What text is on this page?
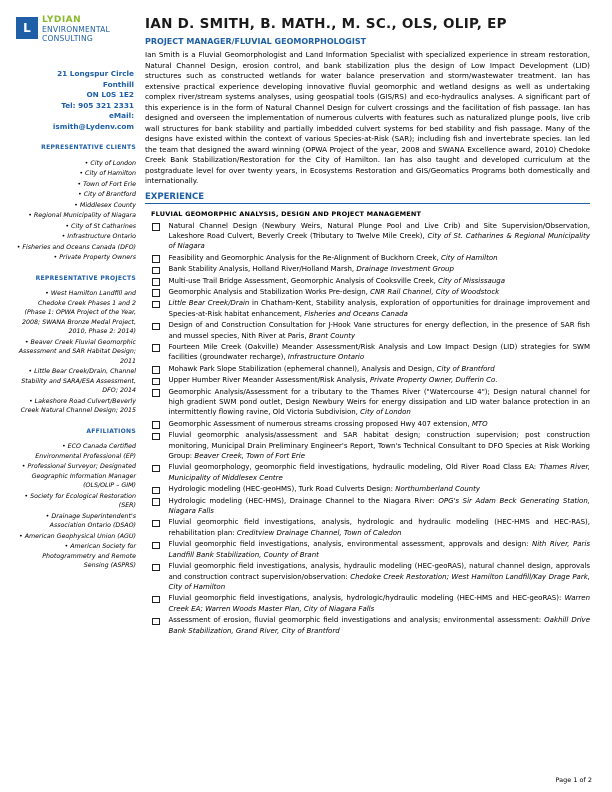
L
LYDIAN
ENVIRONMENTAL
CONSULTING
21 Longspur Circle
Fonthill
ON L0S 1E2
Tel: 905 321 2331
eMail:
ismith@Lydenv.com
REPRESENTATIVE CLIENTS
• City of London
• City of Hamilton
• Town of Fort Erie
• City of Brantford
• Middlesex County
• Regional Municipality of Niagara
• City of St Catharines
• Infrastructure Ontario
• Fisheries and Oceans Canada (DFO)
• Private Property Owners
REPRESENTATIVE PROJECTS
• West Hamilton Landfill and Chedoke Creek Phases 1 and 2 (Phase 1: OPWA Project of the Year, 2008; SWANA Bronze Medal Project, 2010, Phase 2: 2014)
• Beaver Creek Fluvial Geomorphic Assessment and SAR Habitat Design; 2011
• Little Bear Creek/Drain, Channel Stability and SARA/ESA Assessment, DFO; 2014
• Lakeshore Road Culvert/Beverly Creek Natural Channel Design; 2015
AFFILIATIONS
• ECO Canada Certified Environmental Professional (EP)
• Professional Surveyor; Designated Geographic Information Manager (OLS/OLIP – GIM)
• Society for Ecological Restoration (SER)
• Drainage Superintendent's Association Ontario (DSAO)
• American Geophysical Union (AGU)
• American Society for Photogrammetry and Remote Sensing (ASPRS)
IAN D. SMITH, B. MATH., M. SC., OLS, OLIP, EP
PROJECT MANAGER/FLUVIAL GEOMORPHOLOGIST
Ian Smith is a Fluvial Geomorphologist and Land Information Specialist with specialized experience in stream restoration, Natural Channel Design, erosion control, and bank stabilization plus the design of Low Impact Development (LID) structures such as constructed wetlands for water balance preservation and storm/wastewater treatment. Ian has extensive practical experience developing innovative fluvial geomorphic and wetland designs as well as undertaking complex river/stream systems analyses, using geospatial tools (GIS/RS) and eco-hydraulics analyses. A significant part of this experience is in the form of Natural Channel Design for culvert crossings and the facilitation of fish passage. Ian has designed and overseen the implementation of numerous culverts with features such as naturalized plunge pools, live crib wall structures for bank stability and partially imbedded culvert systems for bed stability and fish passage. Many of the designs have existed within the context of various Species-at-Risk (SAR); including fish and invertebrate species. Ian led the team that designed the award winning (OPWA Project of the year, 2008 and SWANA Excellence award, 2010) Chedoke Creek Bank Stabilization/Restoration for the City of Hamilton. Ian has also taught and developed curriculum at the postgraduate level for over twenty years, in Ecosystems Restoration and GIS/Geomatics Programs both domestically and internationally.
EXPERIENCE
FLUVIAL GEOMORPHIC ANALYSIS, DESIGN AND PROJECT MANAGEMENT
Natural Channel Design (Newbury Weirs, Natural Plunge Pool and Live Crib) and Site Supervision/Observation, Lakeshore Road Culvert, Beverly Creek (Tributary to Twelve Mile Creek), City of St. Catharines & Regional Municipality of Niagara
Feasibility and Geomorphic Analysis for the Re-Alignment of Buckhorn Creek, City of Hamilton
Bank Stability Analysis, Holland River/Holland Marsh, Drainage Investment Group
Multi-use Trail Bridge Assessment, Geomorphic Analysis of Cooksville Creek, City of Mississauga
Geomorphic Analysis and Stabilization Works Pre-design, CNR Rail Channel, City of Woodstock
Little Bear Creek/Drain in Chatham-Kent, Stability analysis, exploration of opportunities for drainage improvement and Species-at-Risk habitat enhancement, Fisheries and Oceans Canada
Design of and Construction Consultation for J-Hook Vane structures for energy deflection, in the presence of SAR fish and mussel species, Nith River at Paris, Brant County
Fourteen Mile Creek (Oakville) Meander Assessment/Risk Analysis and Low Impact Design (LID) strategies for SWM facilities (groundwater recharge), Infrastructure Ontario
Mohawk Park Slope Stabilization (ephemeral channel), Analysis and Design, City of Brantford
Upper Humber River Meander Assessment/Risk Analysis, Private Property Owner, Dufferin Co.
Geomorphic Analysis/Assessment for a tributary to the Thames River ("Watercourse 4"); Design natural channel for high gradient SWM pond outlet, Design Newbury Weirs for energy dissipation and LID water balance protection in an intermittently flowing ravine, Old Victoria Subdivision, City of London
Geomorphic Assessment of numerous streams crossing proposed Hwy 407 extension, MTO
Fluvial geomorphic analysis/assessment and SAR habitat design; construction supervision; post construction monitoring, Municipal Drain Preliminary Engineer's Report, Town's Technical Consultant to DFO Species at Risk Working Group: Beaver Creek, Town of Fort Erie
Fluvial geomorphology, geomorphic field investigations, hydraulic modeling, Old River Road Class EA: Thames River, Municipality of Middlesex Centre
Hydrologic modeling (HEC-geoHMS), Turk Road Culverts Design: Northumberland County
Hydrologic modeling (HEC-HMS), Drainage Channel to the Niagara River: OPG's Sir Adam Beck Generating Station, Niagara Falls
Fluvial geomorphic field investigations, analysis, hydrologic and hydraulic modeling (HEC-HMS and HEC-RAS), rehabilitation plan: Creditview Drainage Channel, Town of Caledon
Fluvial geomorphic field investigations, analysis, environmental assessment, approvals and design: Nith River, Paris Landfill Bank Stabilization, County of Brant
Fluvial geomorphic field investigations, analysis, hydraulic modeling (HEC-geoRAS), natural channel design, approvals and construction contract supervision/observation: Chedoke Creek Restoration; West Hamilton Landfill/Kay Drage Park, City of Hamilton
Fluvial geomorphic field investigations, analysis, hydrologic/hydraulic modeling (HEC-HMS and HEC-geoRAS): Warren Creek EA; Warren Woods Master Plan, City of Niagara Falls
Assessment of erosion, fluvial geomorphic field investigations and analysis; environmental assessment: Oakhill Drive Bank Stabilization, Grand River, City of Brantford
Page 1 of 2
